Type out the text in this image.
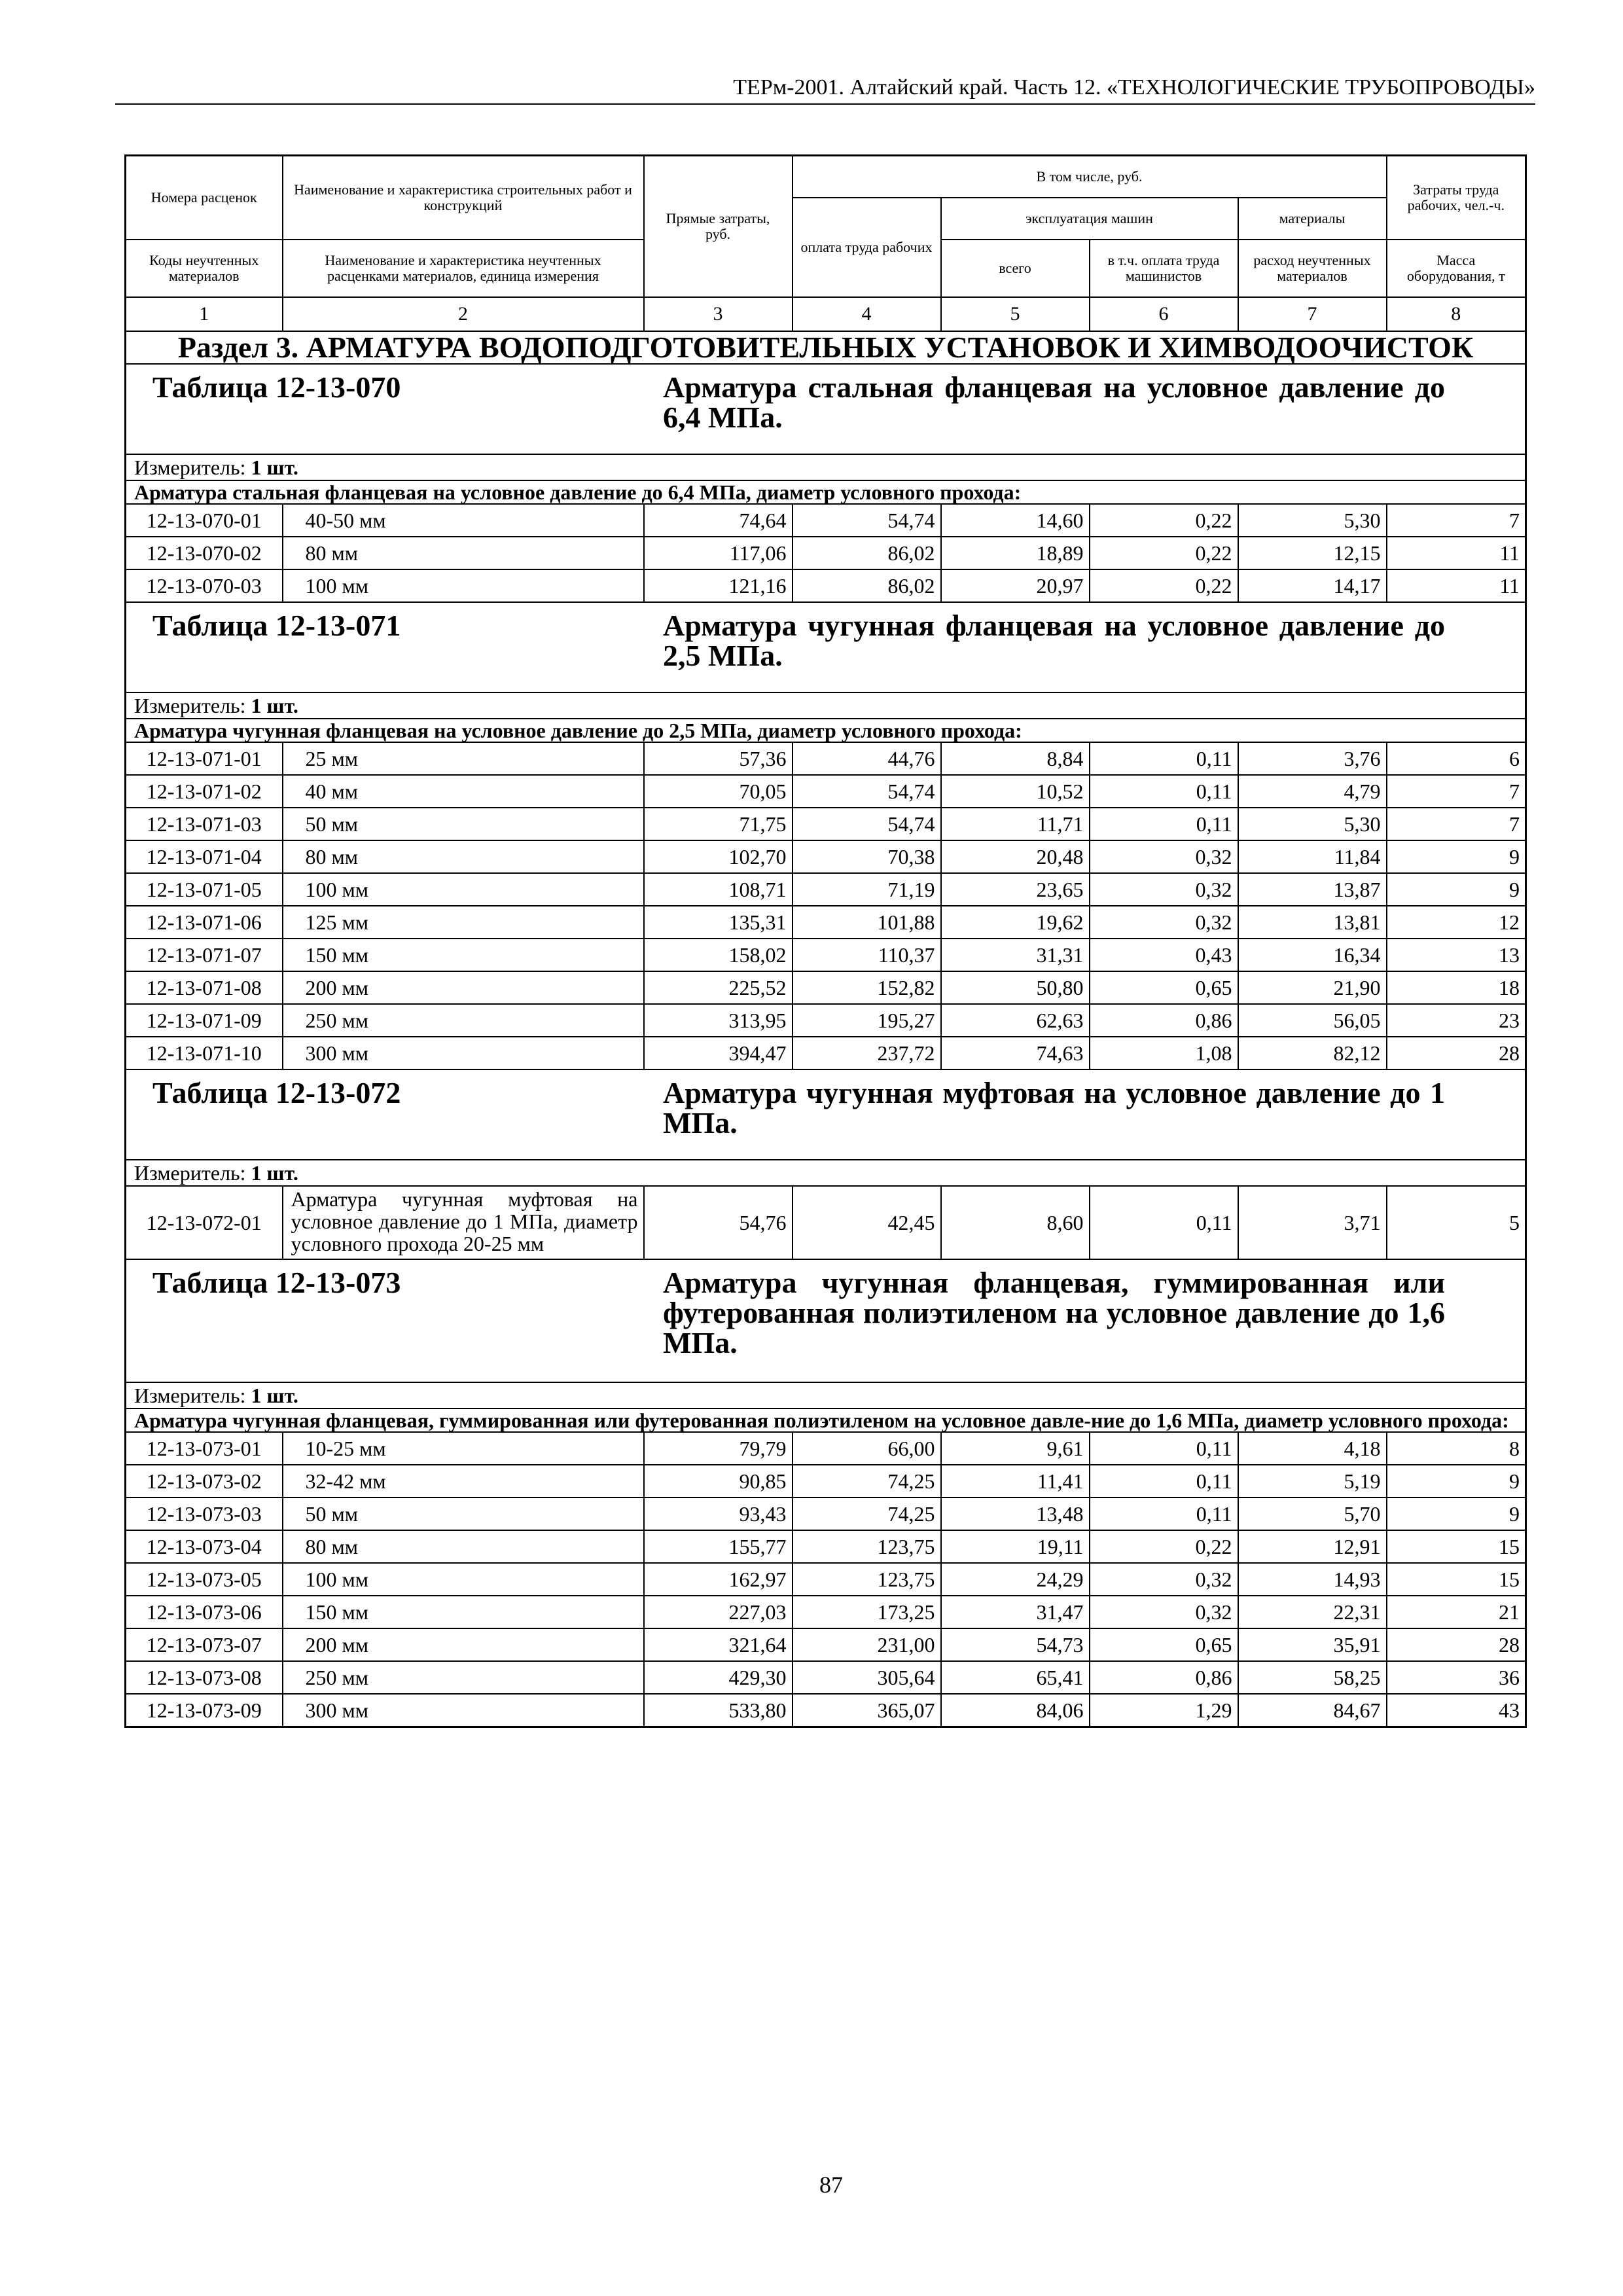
ТЕРм-2001. Алтайский край. Часть 12. «ТЕХНОЛОГИЧЕСКИЕ ТРУБОПРОВОДЫ»
Номера расценок	Наименование и характеристика строительных работ и конструкций	Прямые затраты, руб.	В том числе, руб.				Затраты труда рабочих, чел.-ч.
			оплата труда рабочих	эксплуатация машин		материалы	
Коды неучтенных материалов	Наименование и характеристика неучтенных расценками материалов, единица измерения			всего	в т.ч. оплата труда машинистов	расход неучтенных материалов	Масса оборудования, т
1	2	3	4	5	6	7	8
Раздел 3. АРМАТУРА ВОДОПОДГОТОВИТЕЛЬНЫХ УСТАНОВОК И ХИМВОДООЧИСТОК							

Таблица 12-13-070 Арматура стальная фланцевая на условное давление до 6,4 МПа.							

Измеритель: 1 шт.							
Арматура стальная фланцевая на условное давление до 6,4 МПа, диаметр условного прохода:							
12-13-070-01	40-50 мм	74,64	54,74	14,60	0,22	5,30	7
12-13-070-02	80 мм	117,06	86,02	18,89	0,22	12,15	11
12-13-070-03	100 мм	121,16	86,02	20,97	0,22	14,17	11

Таблица 12-13-071 Арматура чугунная фланцевая на условное давление до 2,5 МПа.							

Измеритель: 1 шт.							
Арматура чугунная фланцевая на условное давление до 2,5 МПа, диаметр условного прохода:							
12-13-071-01	25 мм	57,36	44,76	8,84	0,11	3,76	6
12-13-071-02	40 мм	70,05	54,74	10,52	0,11	4,79	7
12-13-071-03	50 мм	71,75	54,74	11,71	0,11	5,30	7
12-13-071-04	80 мм	102,70	70,38	20,48	0,32	11,84	9
12-13-071-05	100 мм	108,71	71,19	23,65	0,32	13,87	9
12-13-071-06	125 мм	135,31	101,88	19,62	0,32	13,81	12
12-13-071-07	150 мм	158,02	110,37	31,31	0,43	16,34	13
12-13-071-08	200 мм	225,52	152,82	50,80	0,65	21,90	18
12-13-071-09	250 мм	313,95	195,27	62,63	0,86	56,05	23
12-13-071-10	300 мм	394,47	237,72	74,63	1,08	82,12	28

Таблица 12-13-072 Арматура чугунная муфтовая на условное давление до 1 МПа.							

Измеритель: 1 шт.							
12-13-072-01	Арматура чугунная муфтовая на условное давление до 1 МПа, диаметр условного прохода 20-25 мм	54,76	42,45	8,60	0,11	3,71	5

Таблица 12-13-073 Арматура чугунная фланцевая, гуммированная или футерованная полиэтиленом на условное давление до 1,6 МПа.							

Измеритель: 1 шт.							
Арматура чугунная фланцевая, гуммированная или футерованная полиэтиленом на условное давле-ние до 1,6 МПа, диаметр условного прохода:							
12-13-073-01	10-25 мм	79,79	66,00	9,61	0,11	4,18	8
12-13-073-02	32-42 мм	90,85	74,25	11,41	0,11	5,19	9
12-13-073-03	50 мм	93,43	74,25	13,48	0,11	5,70	9
12-13-073-04	80 мм	155,77	123,75	19,11	0,22	12,91	15
12-13-073-05	100 мм	162,97	123,75	24,29	0,32	14,93	15
12-13-073-06	150 мм	227,03	173,25	31,47	0,32	22,31	21
12-13-073-07	200 мм	321,64	231,00	54,73	0,65	35,91	28
12-13-073-08	250 мм	429,30	305,64	65,41	0,86	58,25	36
12-13-073-09	300 мм	533,80	365,07	84,06	1,29	84,67	43
87
